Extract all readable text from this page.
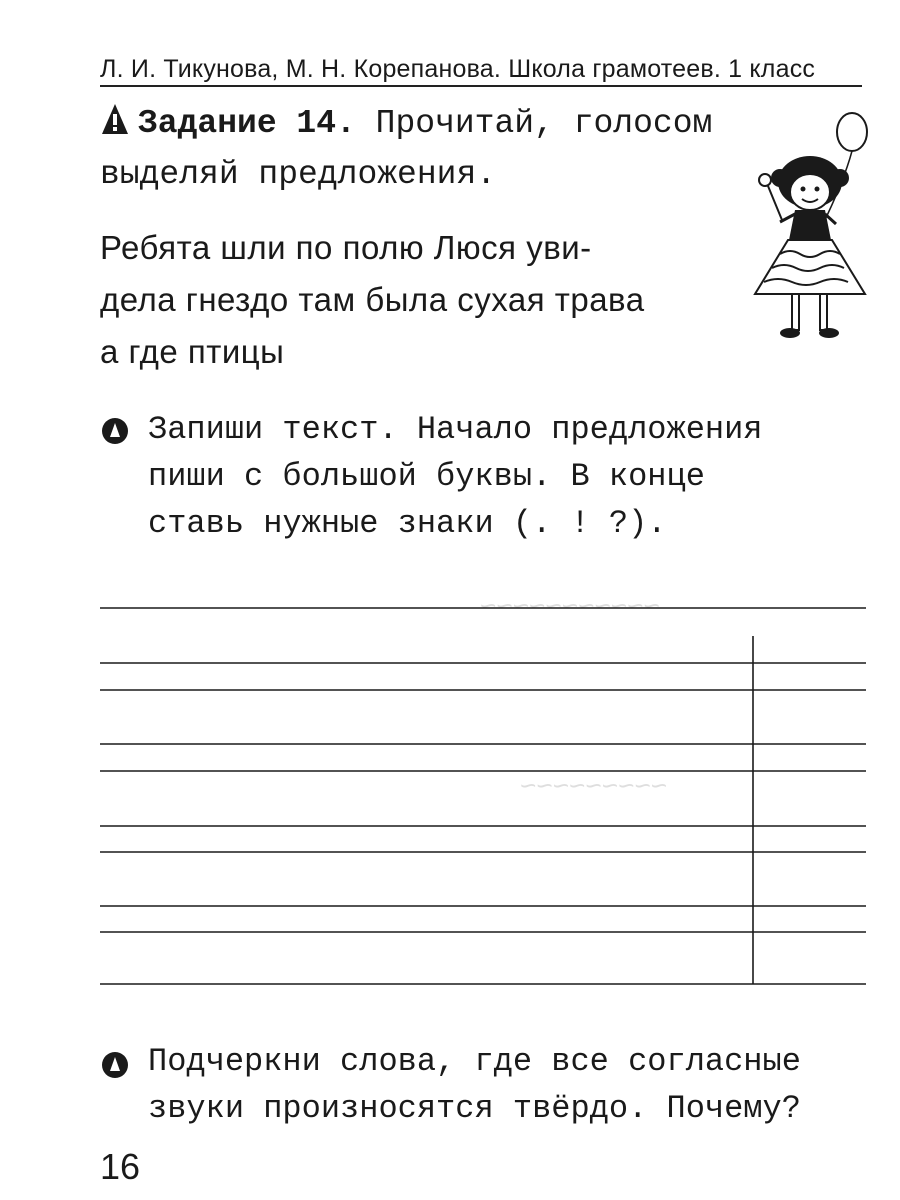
~~~~~~~~~~~
~~~~~~~~~
Л. И. Тикунова, М. Н. Корепанова. Школа грамотеев. 1 класс
Задание 14. Прочитай, голосом выделяй предложения.
Ребята шли по полю Люся уви-
дела гнездо там была сухая трава
а где птицы
Запиши текст. Начало предложения
пиши с большой буквы. В конце
ставь нужные знаки (. ! ?).
Подчеркни слова, где все согласные
звуки произносятся твёрдо. Почему?
16
